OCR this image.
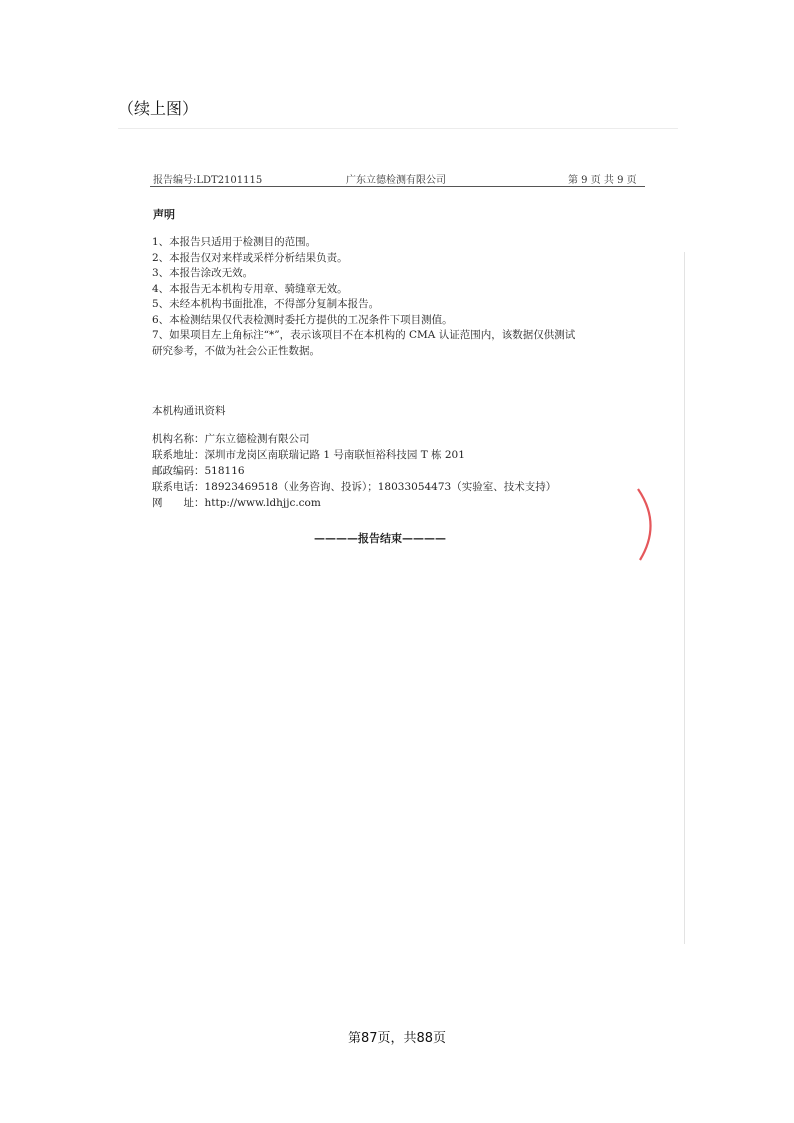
（续上图）
报告编号:LDT2101115	广东立德检测有限公司	第 9 页 共 9 页
声明
1、本报告只适用于检测目的范围。
2、本报告仅对来样或采样分析结果负责。
3、本报告涂改无效。
4、本报告无本机构专用章、骑缝章无效。
5、未经本机构书面批准，不得部分复制本报告。
6、本检测结果仅代表检测时委托方提供的工况条件下项目测值。
7、如果项目左上角标注“*”，表示该项目不在本机构的 CMA 认证范围内，该数据仅供测试
研究参考，不做为社会公正性数据。
本机构通讯资料
机构名称：广东立德检测有限公司
联系地址：深圳市龙岗区南联瑞记路 1 号南联恒裕科技园 T 栋 201
邮政编码：518116
联系电话：18923469518（业务咨询、投诉）；18033054473（实验室、技术支持）
网　　址：http://www.ldhjjc.com
————报告结束————
第87页，共88页
